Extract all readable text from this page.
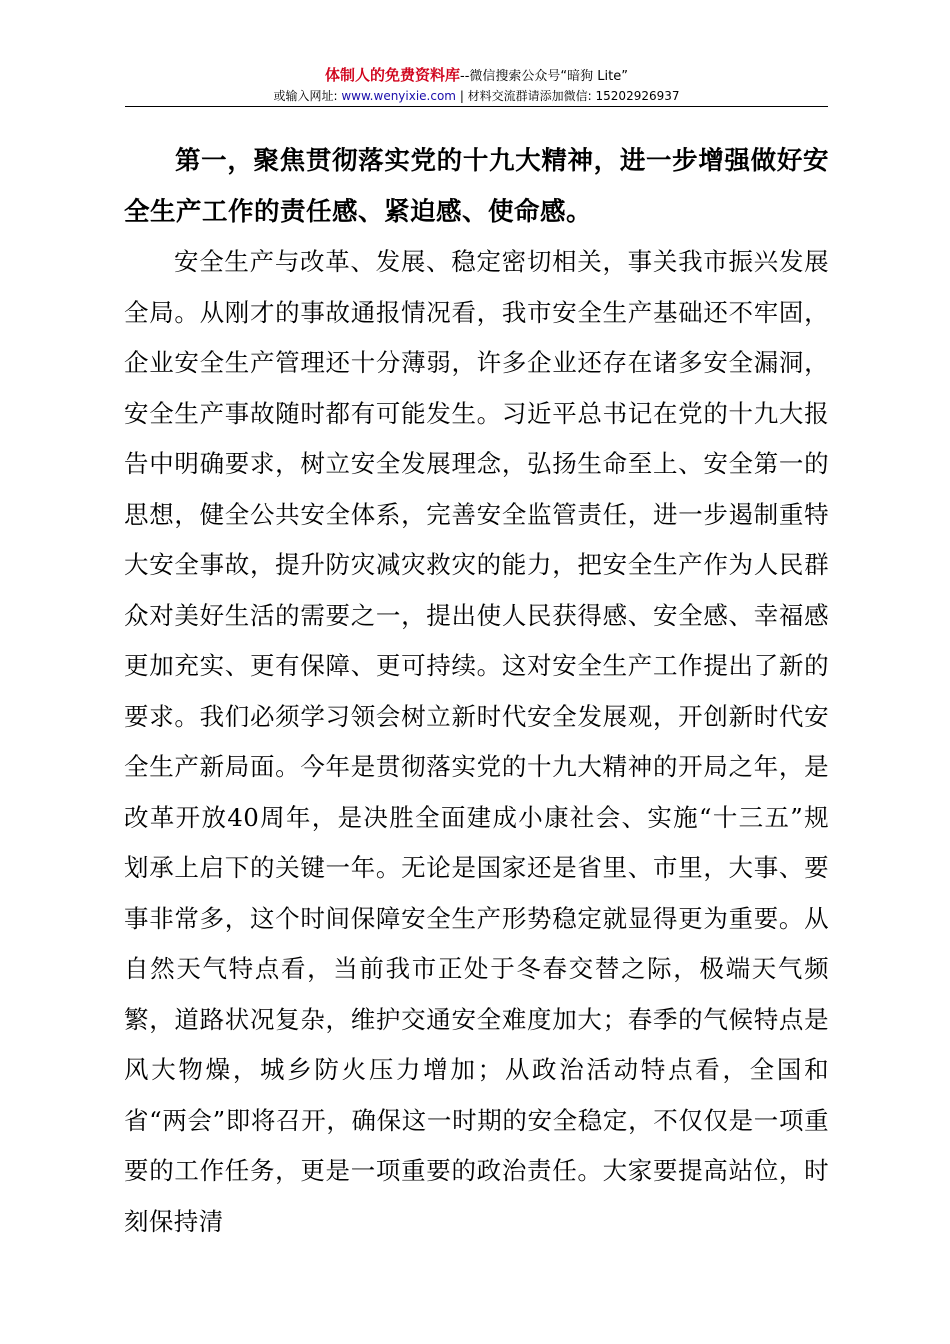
体制人的免费资料库--微信搜索公众号“暗狗 Lite”
或输入网址: www.wenyixie.com | 材料交流群请添加微信: 15202926937

第一，聚焦贯彻落实党的十九大精神，进一步增强做好安全生产工作的责任感、紧迫感、使命感。

安全生产与改革、发展、稳定密切相关，事关我市振兴发展全局。从刚才的事故通报情况看，我市安全生产基础还不牢固，企业安全生产管理还十分薄弱，许多企业还存在诸多安全漏洞，安全生产事故随时都有可能发生。习近平总书记在党的十九大报告中明确要求，树立安全发展理念，弘扬生命至上、安全第一的思想，健全公共安全体系，完善安全监管责任，进一步遏制重特大安全事故，提升防灾减灾救灾的能力，把安全生产作为人民群众对美好生活的需要之一，提出使人民获得感、安全感、幸福感更加充实、更有保障、更可持续。这对安全生产工作提出了新的要求。我们必须学习领会树立新时代安全发展观，开创新时代安全生产新局面。今年是贯彻落实党的十九大精神的开局之年，是改革开放40周年，是决胜全面建成小康社会、实施“十三五”规划承上启下的关键一年。无论是国家还是省里、市里，大事、要事非常多，这个时间保障安全生产形势稳定就显得更为重要。从自然天气特点看，当前我市正处于冬春交替之际，极端天气频繁，道路状况复杂，维护交通安全难度加大；春季的气候特点是风大物燥，城乡防火压力增加；从政治活动特点看，全国和省“两会”即将召开，确保这一时期的安全稳定，不仅仅是一项重要的工作任务，更是一项重要的政治责任。大家要提高站位，时刻保持清
